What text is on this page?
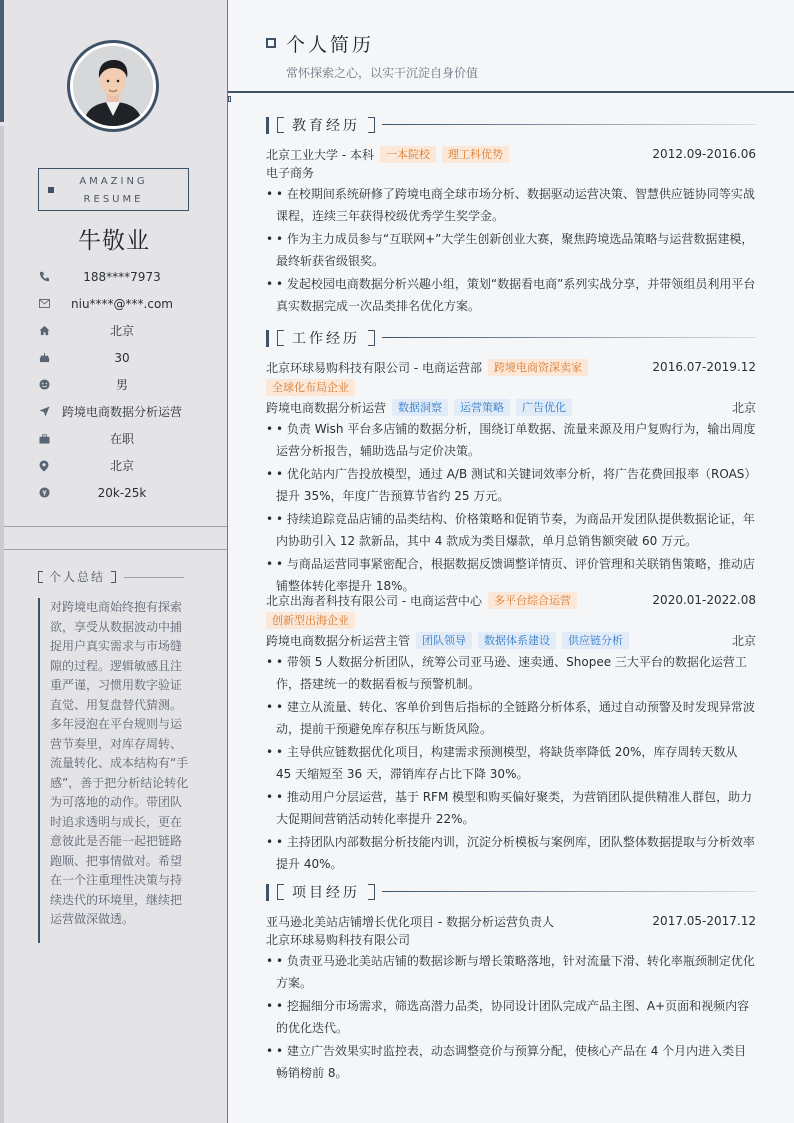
AMAZING
RESUME
牛敬业
188****7973
niu****@***.com
北京
30
男
跨境电商数据分析运营
在职
北京
20k-25k
个人总结
对跨境电商始终抱有探索欲，享受从数据波动中捕捉用户真实需求与市场缝隙的过程。逻辑敏感且注重严谨，习惯用数字验证直觉、用复盘替代猜测。多年浸泡在平台规则与运营节奏里，对库存周转、流量转化、成本结构有“手感”，善于把分析结论转化为可落地的动作。带团队时追求透明与成长，更在意彼此是否能一起把链路跑顺、把事情做对。希望在一个注重理性决策与持续迭代的环境里，继续把运营做深做透。
个人简历
常怀探索之心，以实干沉淀自身价值
教育经历
北京工业大学 - 本科	一本院校	理工科优势	2012.09-2016.06
电子商务
• • 在校期间系统研修了跨境电商全球市场分析、数据驱动运营决策、智慧供应链协同等实战课程，连续三年获得校级优秀学生奖学金。
• • 作为主力成员参与“互联网+”大学生创新创业大赛，聚焦跨境选品策略与运营数据建模，最终斩获省级银奖。
• • 发起校园电商数据分析兴趣小组，策划“数据看电商”系列实战分享，并带领组员利用平台真实数据完成一次品类排名优化方案。
工作经历
北京环球易购科技有限公司 - 电商运营部	跨境电商资深卖家	2016.07-2019.12
全球化布局企业
跨境电商数据分析运营	数据洞察	运营策略	广告优化	北京
• • 负责 Wish 平台多店铺的数据分析，围绕订单数据、流量来源及用户复购行为，输出周度运营分析报告，辅助选品与定价决策。
• • 优化站内广告投放模型，通过 A/B 测试和关键词效率分析，将广告花费回报率（ROAS）提升 35%，年度广告预算节省约 25 万元。
• • 持续追踪竞品店铺的品类结构、价格策略和促销节奏，为商品开发团队提供数据论证，年内协助引入 12 款新品，其中 4 款成为类目爆款，单月总销售额突破 60 万元。
• • 与商品运营同事紧密配合，根据数据反馈调整详情页、评价管理和关联销售策略，推动店铺整体转化率提升 18%。
北京出海者科技有限公司 - 电商运营中心	多平台综合运营	2020.01-2022.08
创新型出海企业
跨境电商数据分析运营主管	团队领导	数据体系建设	供应链分析	北京
• • 带领 5 人数据分析团队，统筹公司亚马逊、速卖通、Shopee 三大平台的数据化运营工作，搭建统一的数据看板与预警机制。
• • 建立从流量、转化、客单价到售后指标的全链路分析体系，通过自动预警及时发现异常波动，提前干预避免库存积压与断货风险。
• • 主导供应链数据优化项目，构建需求预测模型，将缺货率降低 20%，库存周转天数从 45 天缩短至 36 天，滞销库存占比下降 30%。
• • 推动用户分层运营，基于 RFM 模型和购买偏好聚类，为营销团队提供精准人群包，助力大促期间营销活动转化率提升 22%。
• • 主持团队内部数据分析技能内训，沉淀分析模板与案例库，团队整体数据提取与分析效率提升 40%。
项目经历
亚马逊北美站店铺增长优化项目 - 数据分析运营负责人	2017.05-2017.12
北京环球易购科技有限公司
• • 负责亚马逊北美站店铺的数据诊断与增长策略落地，针对流量下滑、转化率瓶颈制定优化方案。
• • 挖掘细分市场需求，筛选高潜力品类，协同设计团队完成产品主图、A+页面和视频内容的优化迭代。
• • 建立广告效果实时监控表，动态调整竞价与预算分配，使核心产品在 4 个月内进入类目畅销榜前 8。
